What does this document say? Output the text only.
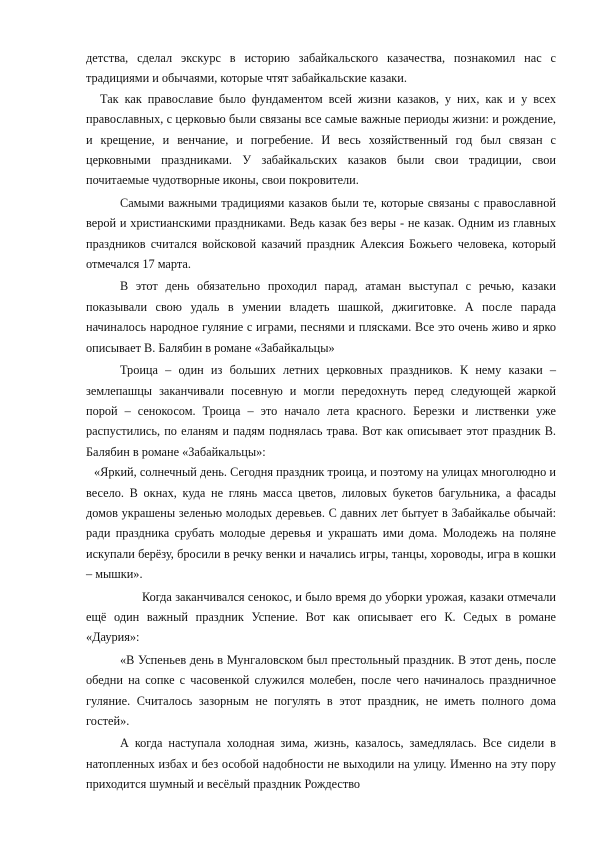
детства, сделал экскурс в историю забайкальского казачества, познакомил нас с традициями и обычаями, которые чтят забайкальские казаки.

Так как православие было фундаментом всей жизни казаков, у них, как и у всех православных, с церковью были связаны все самые важные периоды жизни: и рождение, и крещение, и венчание, и погребение. И весь хозяйственный год был связан с церковными праздниками. У забайкальских казаков были свои традиции, свои почитаемые чудотворные иконы, свои покровители.

Самыми важными традициями казаков были те, которые связаны с православной верой и христианскими праздниками. Ведь казак без веры - не казак. Одним из главных праздников считался войсковой казачий праздник Алексия Божьего человека, который отмечался 17 марта.

В этот день обязательно проходил парад, атаман выступал с речью, казаки показывали свою удаль в умении владеть шашкой, джигитовке. А после парада начиналось народное гуляние с играми, песнями и плясками. Все это очень живо и ярко описывает В. Балябин в романе «Забайкальцы»

Троица – один из больших летних церковных праздников. К нему казаки – землепашцы заканчивали посевную и могли передохнуть перед следующей жаркой порой – сенокосом. Троица – это начало лета красного. Березки и лиственки уже распустились, по еланям и падям поднялась трава. Вот как описывает этот праздник В. Балябин в романе «Забайкальцы»:

«Яркий, солнечный день. Сегодня праздник троица, и поэтому на улицах многолюдно и весело. В окнах, куда не глянь масса цветов, лиловых букетов багульника, а фасады домов украшены зеленью молодых деревьев. С давних лет бытует в Забайкалье обычай: ради праздника срубать молодые деревья и украшать ими дома. Молодежь на поляне искупали берёзу, бросили в речку венки и начались игры, танцы, хороводы, игра в кошки – мышки».

Когда заканчивался сенокос, и было время до уборки урожая, казаки отмечали ещё один важный праздник Успение. Вот как описывает его К. Седых в романе «Даурия»:

«В Успеньев день в Мунгаловском был престольный праздник. В этот день, после обедни на сопке с часовенкой служился молебен, после чего начиналось праздничное гуляние. Считалось зазорным не погулять в этот праздник, не иметь полного дома гостей».

А когда наступала холодная зима, жизнь, казалось, замедлялась. Все сидели в натопленных избах и без особой надобности не выходили на улицу. Именно на эту пору приходится шумный и весёлый праздник Рождество
